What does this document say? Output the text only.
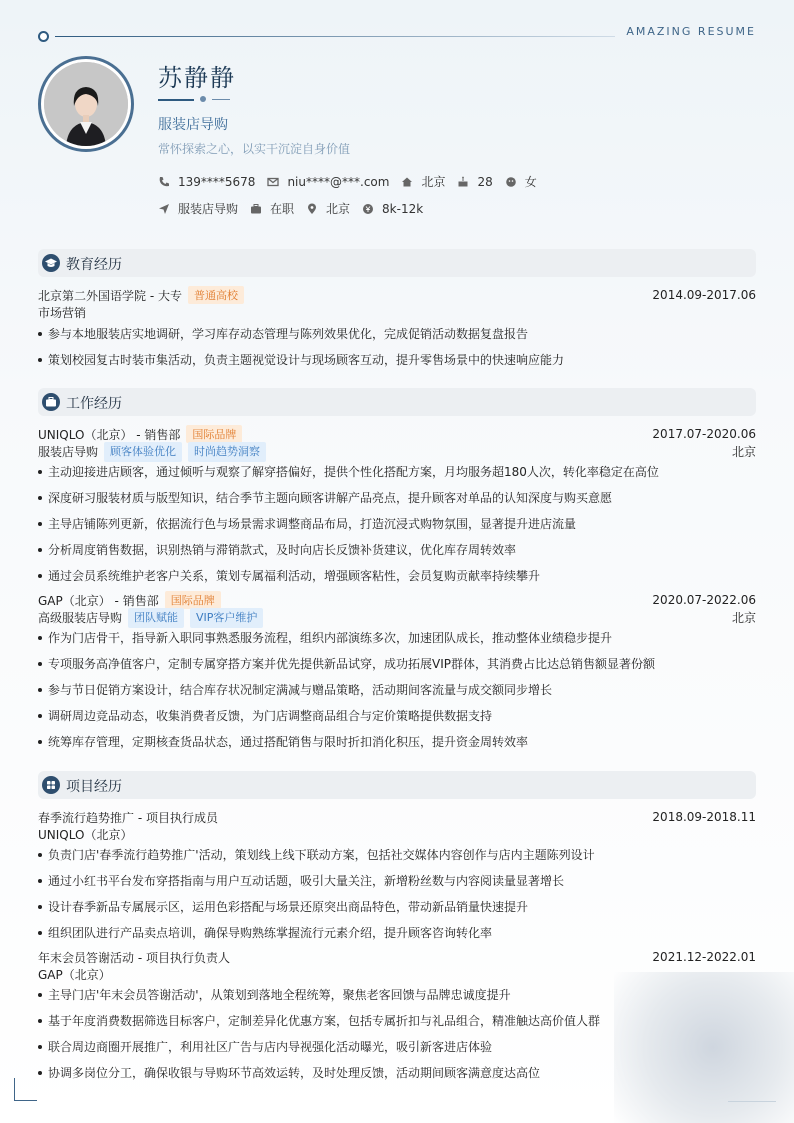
AMAZING RESUME
苏静静
服装店导购
常怀探索之心，以实干沉淀自身价值
139****5678	niu****@***.com	北京	28	女
服装店导购	在职	北京	8k-12k
教育经历
北京第二外国语学院 - 大专	普通高校	2014.09-2017.06
市场营销
参与本地服装店实地调研，学习库存动态管理与陈列效果优化，完成促销活动数据复盘报告
策划校园复古时装市集活动，负责主题视觉设计与现场顾客互动，提升零售场景中的快速响应能力
工作经历
UNIQLO（北京） - 销售部	国际品牌	2017.07-2020.06
服装店导购	顾客体验优化	时尚趋势洞察	北京
主动迎接进店顾客，通过倾听与观察了解穿搭偏好，提供个性化搭配方案，月均服务超180人次，转化率稳定在高位
深度研习服装材质与版型知识，结合季节主题向顾客讲解产品亮点，提升顾客对单品的认知深度与购买意愿
主导店铺陈列更新，依据流行色与场景需求调整商品布局，打造沉浸式购物氛围，显著提升进店流量
分析周度销售数据，识别热销与滞销款式，及时向店长反馈补货建议，优化库存周转效率
通过会员系统维护老客户关系，策划专属福利活动，增强顾客粘性，会员复购贡献率持续攀升
GAP（北京） - 销售部	国际品牌	2020.07-2022.06
高级服装店导购	团队赋能	VIP客户维护	北京
作为门店骨干，指导新入职同事熟悉服务流程，组织内部演练多次，加速团队成长，推动整体业绩稳步提升
专项服务高净值客户，定制专属穿搭方案并优先提供新品试穿，成功拓展VIP群体，其消费占比达总销售额显著份额
参与节日促销方案设计，结合库存状况制定满减与赠品策略，活动期间客流量与成交额同步增长
调研周边竞品动态，收集消费者反馈，为门店调整商品组合与定价策略提供数据支持
统筹库存管理，定期核查货品状态，通过搭配销售与限时折扣消化积压，提升资金周转效率
项目经历
春季流行趋势推广 - 项目执行成员	2018.09-2018.11
UNIQLO（北京）
负责门店'春季流行趋势推广'活动，策划线上线下联动方案，包括社交媒体内容创作与店内主题陈列设计
通过小红书平台发布穿搭指南与用户互动话题，吸引大量关注，新增粉丝数与内容阅读量显著增长
设计春季新品专属展示区，运用色彩搭配与场景还原突出商品特色，带动新品销量快速提升
组织团队进行产品卖点培训，确保导购熟练掌握流行元素介绍，提升顾客咨询转化率
年末会员答谢活动 - 项目执行负责人	2021.12-2022.01
GAP（北京）
主导门店'年末会员答谢活动'，从策划到落地全程统筹，聚焦老客回馈与品牌忠诚度提升
基于年度消费数据筛选目标客户，定制差异化优惠方案，包括专属折扣与礼品组合，精准触达高价值人群
联合周边商圈开展推广，利用社区广告与店内导视强化活动曝光，吸引新客进店体验
协调多岗位分工，确保收银与导购环节高效运转，及时处理反馈，活动期间顾客满意度达高位
